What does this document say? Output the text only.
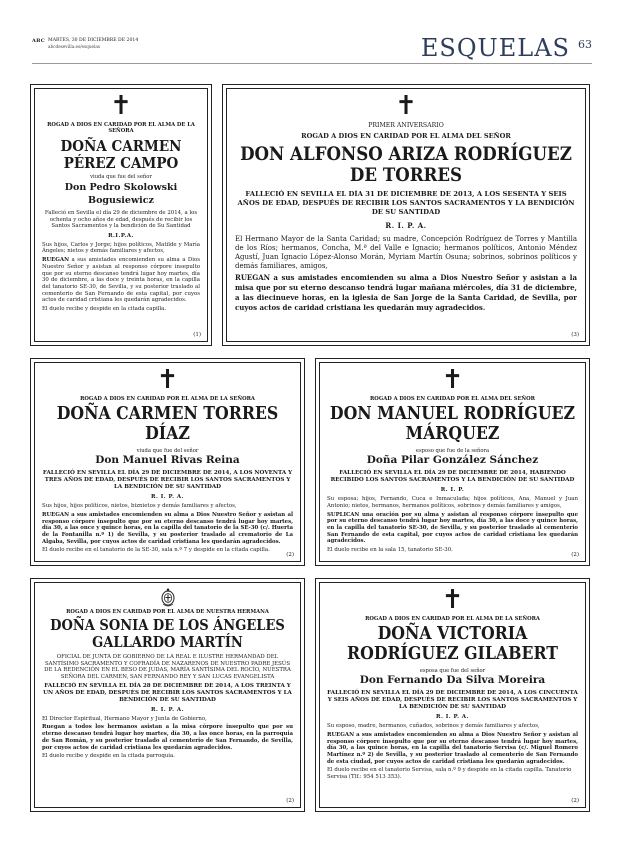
ABC MARTES, 30 DE DICIEMBRE DE 2014
abcdesevilla.es/esquelas	ESQUELAS 63
✝
ROGAD A DIOS EN CARIDAD POR EL ALMA DE LA SEÑORA
DOÑA CARMEN PÉREZ CAMPO
viuda que fue del señor
Don Pedro Skolowski Bogusiewicz
Falleció en Sevilla el día 29 de diciembre de 2014, a los ochenta y ocho años de edad, después de recibir los Santos Sacramentos y la bendición de Su Santidad
R.I.P.A.

Sus hijos, Carlos y Jorge; hijos políticos, Matilde y María Ángeles; nietos y demás familiares y afectos,

RUEGAN a sus amistades encomienden su alma a Dios Nuestro Señor y asistan al responso córpore insepulto que por su eterno descanso tendrá lugar hoy martes, día 30 de diciembre, a las doce y treinta horas, en la capilla del tanatorio SE-30, de Sevilla, y su posterior traslado al cementerio de San Fernando de esta capital, por cuyos actos de caridad cristiana les quedarán agradecidos.

El duelo recibe y despide en la citada capilla.

(1)
✝
PRIMER ANIVERSARIO
ROGAD A DIOS EN CARIDAD POR EL ALMA DEL SEÑOR
DON ALFONSO ARIZA RODRÍGUEZ DE TORRES
FALLECIÓ EN SEVILLA EL DÍA 31 DE DICIEMBRE DE 2013, A LOS SESENTA Y SEIS AÑOS DE EDAD, DESPUÉS DE RECIBIR LOS SANTOS SACRAMENTOS Y LA BENDICIÓN DE SU SANTIDAD
R. I. P. A.

El Hermano Mayor de la Santa Caridad; su madre, Concepción Rodríguez de Torres y Mantilla de los Ríos; hermanos, Concha, M.ª del Valle e Ignacio; hermanos políticos, Antonio Méndez Agustí, Juan Ignacio López-Alonso Morán, Myriam Martín Osuna; sobrinos, sobrinos políticos y demás familiares, amigos,

RUEGAN a sus amistades encomienden su alma a Dios Nuestro Señor y asistan a la misa que por su eterno descanso tendrá lugar mañana miércoles, día 31 de diciembre, a las diecinueve horas, en la iglesia de San Jorge de la Santa Caridad, de Sevilla, por cuyos actos de caridad cristiana les quedarán muy agradecidos.

(3)
✝
ROGAD A DIOS EN CARIDAD POR EL ALMA DE LA SEÑORA
DOÑA CARMEN TORRES DÍAZ
viuda que fue del señor
Don Manuel Rivas Reina
FALLECIÓ EN SEVILLA EL DÍA 29 DE DICIEMBRE DE 2014, A LOS NOVENTA Y TRES AÑOS DE EDAD, DESPUÉS DE RECIBIR LOS SANTOS SACRAMENTOS Y LA BENDICIÓN DE SU SANTIDAD
R. I. P. A.

Sus hijos, hijos políticos, nietos, biznietos y demás familiares y afectos,

RUEGAN a sus amistades encomienden su alma a Dios Nuestro Señor y asistan al responso córpore insepulto que por su eterno descanso tendrá lugar hoy martes, día 30, a las once y quince horas, en la capilla del tanatorio de la SE-30 (c/. Huerta de la Fontanilla n.º 1) de Sevilla, y su posterior traslado al crematorio de La Algaba, Sevilla, por cuyos actos de caridad cristiana les quedarán agradecidos.

El duelo recibe en el tanatorio de la SE-30, sala n.º 7 y despide en la citada capilla.

(2)
✝
ROGAD A DIOS EN CARIDAD POR EL ALMA DEL SEÑOR
DON MANUEL RODRÍGUEZ MÁRQUEZ
esposo que fue de la señora
Doña Pilar González Sánchez
FALLECIÓ EN SEVILLA EL DÍA 29 DE DICIEMBRE DE 2014, HABIENDO RECIBIDO LOS SANTOS SACRAMENTOS Y LA BENDICIÓN DE SU SANTIDAD
R. I. P.

Su esposa; hijos, Fernando, Cuca e Inmaculada; hijos políticos, Ana, Manuel y Juan Antonio; nietos, hermanos, hermanos políticos, sobrinos y demás familiares y amigos,

SUPLICAN una oración por su alma y asistan al responso córpore insepulto que por su eterno descanso tendrá lugar hoy martes, día 30, a las doce y quince horas, en la capilla del tanatorio SE-30, de Sevilla, y su posterior traslado al cementerio San Fernando de esta capital, por cuyos actos de caridad cristiana les quedarán agradecidos.

El duelo recibe en la sala 15, tanatorio SE-30.

(2)
ROGAD A DIOS EN CARIDAD POR EL ALMA DE NUESTRA HERMANA
DOÑA SONIA DE LOS ÁNGELES GALLARDO MARTÍN
OFICIAL DE JUNTA DE GOBIERNO DE LA REAL E ILUSTRE HERMANDAD DEL SANTÍSIMO SACRAMENTO Y COFRADÍA DE NAZARENOS DE NUESTRO PADRE JESÚS DE LA REDENCIÓN EN EL BESO DE JUDAS, MARÍA SANTÍSIMA DEL ROCÍO, NUESTRA SEÑORA DEL CARMEN, SAN FERNANDO REY Y SAN LUCAS EVANGELISTA
FALLECIÓ EN SEVILLA EL DÍA 28 DE DICIEMBRE DE 2014, A LOS TREINTA Y UN AÑOS DE EDAD, DESPUÉS DE RECIBIR LOS SANTOS SACRAMENTOS Y LA BENDICIÓN DE SU SANTIDAD
R. I. P. A.

El Director Espiritual, Hermano Mayor y Junta de Gobierno,

Ruegan a todos los hermanos asistan a la misa córpore insepulto que por su eterno descanso tendrá lugar hoy martes, día 30, a las once horas, en la parroquia de San Román, y su posterior traslado al cementerio de San Fernando, de Sevilla, por cuyos actos de caridad cristiana les quedarán agradecidos.

El duelo recibe y despide en la citada parroquia.

(2)
✝
ROGAD A DIOS EN CARIDAD POR EL ALMA DE LA SEÑORA
DOÑA VICTORIA RODRÍGUEZ GILABERT
esposa que fue del señor
Don Fernando Da Silva Moreira
FALLECIÓ EN SEVILLA EL DÍA 29 DE DICIEMBRE DE 2014, A LOS CINCUENTA Y SEIS AÑOS DE EDAD, DESPUÉS DE RECIBIR LOS SANTOS SACRAMENTOS Y LA BENDICIÓN DE SU SANTIDAD
R. I. P. A.

Su esposo, madre, hermanos, cuñados, sobrinos y demás familiares y afectos,

RUEGAN a sus amistades encomienden su alma a Dios Nuestro Señor y asistan al responso córpore insepulto que por su eterno descanso tendrá lugar hoy martes, día 30, a las quince horas, en la capilla del tanatorio Servisa (c/. Miguel Romero Martínez n.º 2) de Sevilla, y su posterior traslado al cementerio de San Fernando de esta ciudad, por cuyos actos de caridad cristiana les quedarán agradecidos.

El duelo recibe en el tanatorio Servisa, sala n.º 9 y despide en la citada capilla. Tanatorio Servisa (Tlf.: 954 513 353).

(2)
